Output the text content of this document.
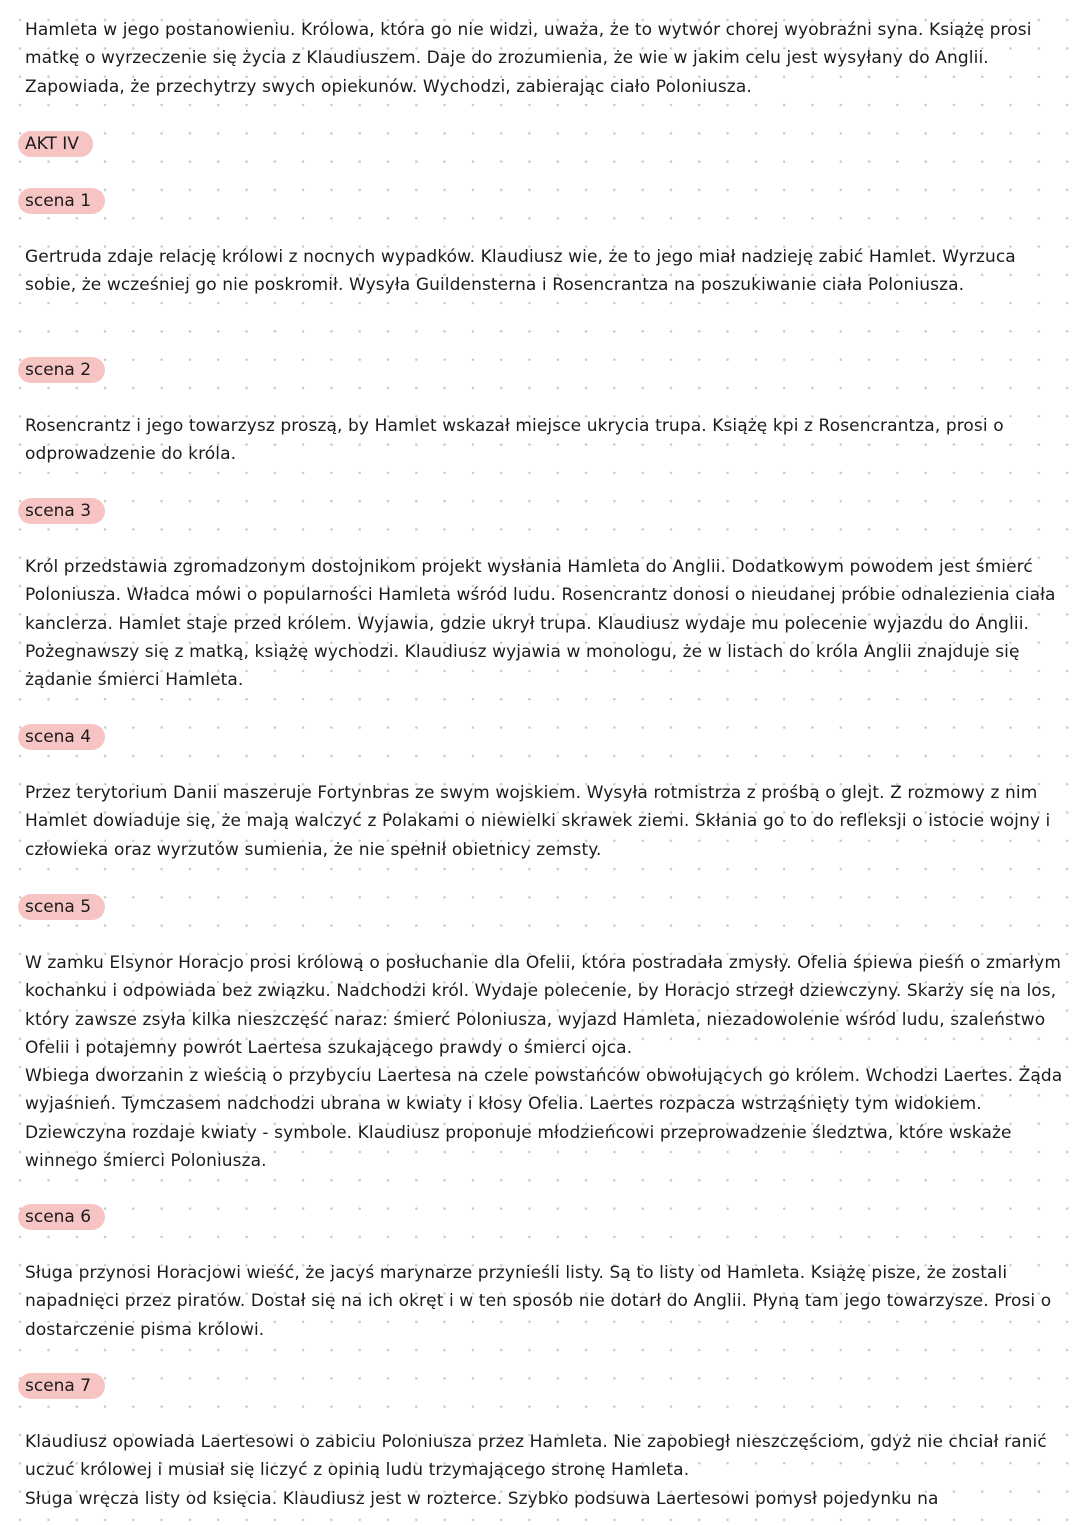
Hamleta w jego postanowieniu. Królowa, która go nie widzi, uważa, że to wytwór chorej wyobraźni syna. Książę prosi matkę o wyrzeczenie się życia z Klaudiuszem. Daje do zrozumienia, że wie w jakim celu jest wysyłany do Anglii. Zapowiada, że przechytrzy swych opiekunów. Wychodzi, zabierając ciało Poloniusza.

AKT IV
scena 1

Gertruda zdaje relację królowi z nocnych wypadków. Klaudiusz wie, że to jego miał nadzieję zabić Hamlet. Wyrzuca sobie, że wcześniej go nie poskromił. Wysyła Guildensterna i Rosencrantza na poszukiwanie ciała Poloniusza.

scena 2

Rosencrantz i jego towarzysz proszą, by Hamlet wskazał miejsce ukrycia trupa. Książę kpi z Rosencrantza, prosi o odprowadzenie do króla.

scena 3

Król przedstawia zgromadzonym dostojnikom projekt wysłania Hamleta do Anglii. Dodatkowym powodem jest śmierć Poloniusza. Władca mówi o popularności Hamleta wśród ludu. Rosencrantz donosi o nieudanej próbie odnalezienia ciała kanclerza. Hamlet staje przed królem. Wyjawia, gdzie ukrył trupa. Klaudiusz wydaje mu polecenie wyjazdu do Anglii. Pożegnawszy się z matką, książę wychodzi. Klaudiusz wyjawia w monologu, że w listach do króla Anglii znajduje się żądanie śmierci Hamleta.

scena 4

Przez terytorium Danii maszeruje Fortynbras ze swym wojskiem. Wysyła rotmistrza z prośbą o glejt. Z rozmowy z nim Hamlet dowiaduje się, że mają walczyć z Polakami o niewielki skrawek ziemi. Skłania go to do refleksji o istocie wojny i człowieka oraz wyrzutów sumienia, że nie spełnił obietnicy zemsty.

scena 5

W zamku Elsynor Horacjo prosi królową o posłuchanie dla Ofelii, która postradała zmysły. Ofelia śpiewa pieśń o zmarłym kochanku i odpowiada bez związku. Nadchodzi król. Wydaje polecenie, by Horacjo strzegł dziewczyny. Skarży się na los, który zawsze zsyła kilka nieszczęść naraz: śmierć Poloniusza, wyjazd Hamleta, niezadowolenie wśród ludu, szaleństwo Ofelii i potajemny powrót Laertesa szukającego prawdy o śmierci ojca.

Wbiega dworzanin z wieścią o przybyciu Laertesa na czele powstańców obwołujących go królem. Wchodzi Laertes. Żąda wyjaśnień. Tymczasem nadchodzi ubrana w kwiaty i kłosy Ofelia. Laertes rozpacza wstrząśnięty tym widokiem. Dziewczyna rozdaje kwiaty - symbole. Klaudiusz proponuje młodzieńcowi przeprowadzenie śledztwa, które wskaże winnego śmierci Poloniusza.

scena 6

Sługa przynosi Horacjowi wieść, że jacyś marynarze przynieśli listy. Są to listy od Hamleta. Książę pisze, że zostali napadnięci przez piratów. Dostał się na ich okręt i w ten sposób nie dotarł do Anglii. Płyną tam jego towarzysze. Prosi o dostarczenie pisma królowi.

scena 7

Klaudiusz opowiada Laertesowi o zabiciu Poloniusza przez Hamleta. Nie zapobiegł nieszczęściom, gdyż nie chciał ranić uczuć królowej i musiał się liczyć z opinią ludu trzymającego stronę Hamleta.

Sługa wręcza listy od księcia. Klaudiusz jest w rozterce. Szybko podsuwa Laertesowi pomysł pojedynku na
